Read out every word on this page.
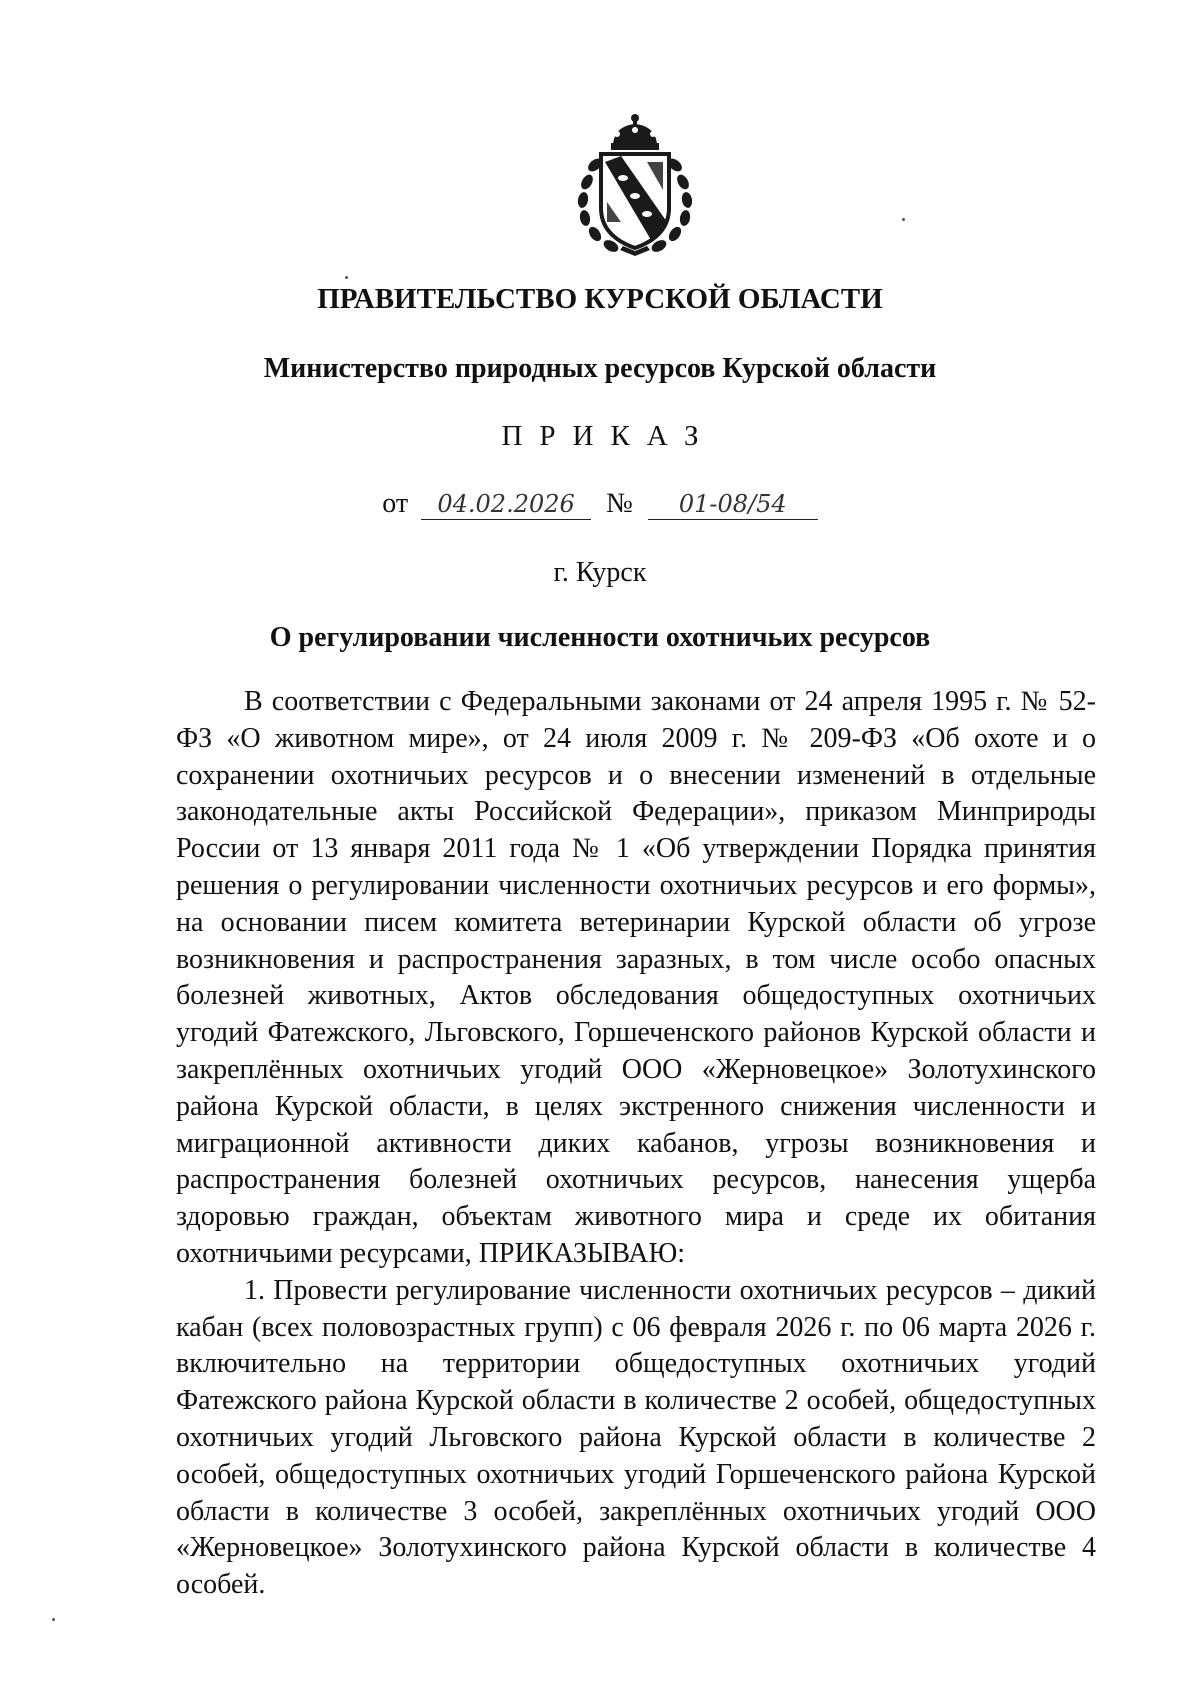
ПРАВИТЕЛЬСТВО КУРСКОЙ ОБЛАСТИ
Министерство природных ресурсов Курской области
ПРИКАЗ
от 04.02.2026 № 01-08/54
г. Курск
О регулировании численности охотничьих ресурсов

В соответствии с Федеральными законами от 24 апреля 1995 г. № 52-ФЗ «О животном мире», от 24 июля 2009 г. № 209-ФЗ «Об охоте и о сохранении охотничьих ресурсов и о внесении изменений в отдельные законодательные акты Российской Федерации», приказом Минприроды России от 13 января 2011 года № 1 «Об утверждении Порядка принятия решения о регулировании численности охотничьих ресурсов и его формы», на основании писем комитета ветеринарии Курской области об угрозе возникновения и распространения заразных, в том числе особо опасных болезней животных, Актов обследования общедоступных охотничьих угодий Фатежского, Льговского, Горшеченского районов Курской области и закреплённых охотничьих угодий ООО «Жерновецкое» Золотухинского района Курской области, в целях экстренного снижения численности и миграционной активности диких кабанов, угрозы возникновения и распространения болезней охотничьих ресурсов, нанесения ущерба здоровью граждан, объектам животного мира и среде их обитания охотничьими ресурсами, ПРИКАЗЫВАЮ:

1. Провести регулирование численности охотничьих ресурсов – дикий кабан (всех половозрастных групп) с 06 февраля 2026 г. по 06 марта 2026 г. включительно на территории общедоступных охотничьих угодий Фатежского района Курской области в количестве 2 особей, общедоступных охотничьих угодий Льговского района Курской области в количестве 2 особей, общедоступных охотничьих угодий Горшеченского района Курской области в количестве 3 особей, закреплённых охотничьих угодий ООО «Жерновецкое» Золотухинского района Курской области в количестве 4 особей.
